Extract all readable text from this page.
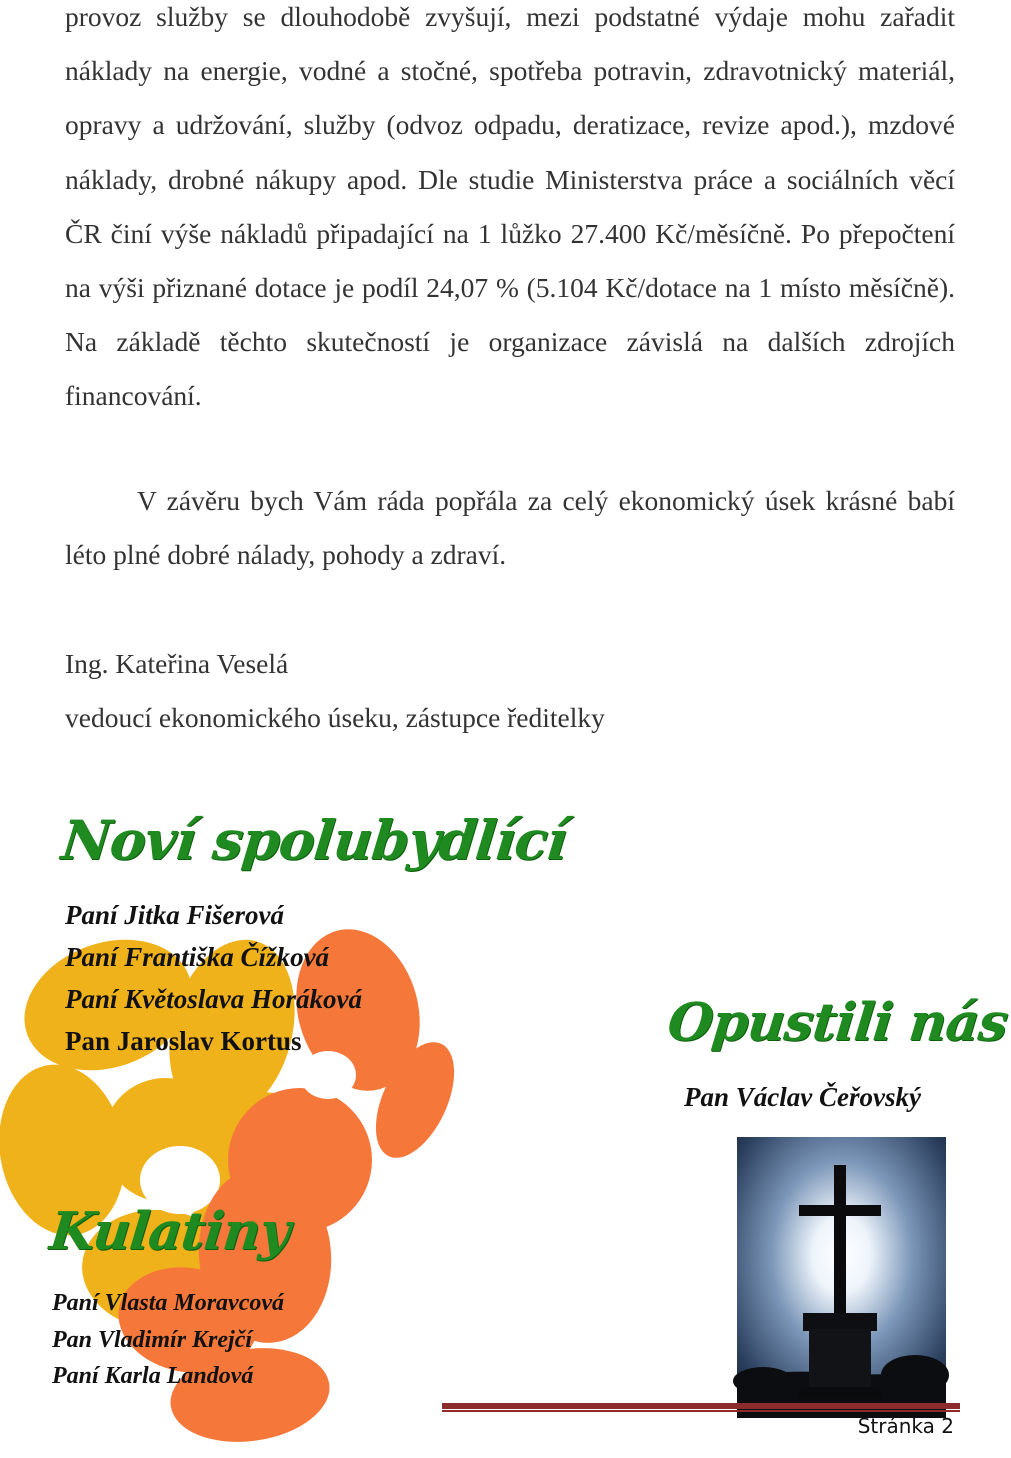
provoz služby se dlouhodobě zvyšují, mezi podstatné výdaje mohu zařadit náklady na energie, vodné a stočné, spotřeba potravin, zdravotnický materiál, opravy a udržování, služby (odvoz odpadu, deratizace, revize apod.), mzdové náklady, drobné nákupy apod. Dle studie Ministerstva práce a sociálních věcí ČR činí výše nákladů připadající na 1 lůžko 27.400 Kč/měsíčně. Po přepočtení na výši přiznané dotace je podíl 24,07 % (5.104 Kč/dotace na 1 místo měsíčně). Na základě těchto skutečností je organizace závislá na dalších zdrojích financování.

V závěru bych Vám ráda popřála za celý ekonomický úsek krásné babí léto plné dobré nálady, pohody a zdraví.

Ing. Kateřina Veselá

vedoucí ekonomického úseku, zástupce ředitelky

Noví spolubydlící
Paní Jitka Fišerová
Paní Františka Čížková
Paní Květoslava Horáková
Pan Jaroslav Kortus	Opustili nás
Pan Václav Čeřovský
Kulatiny
Paní Vlasta Moravcová
Pan Vladimír Krejčí
Paní Karla Landová
Stránka 2
